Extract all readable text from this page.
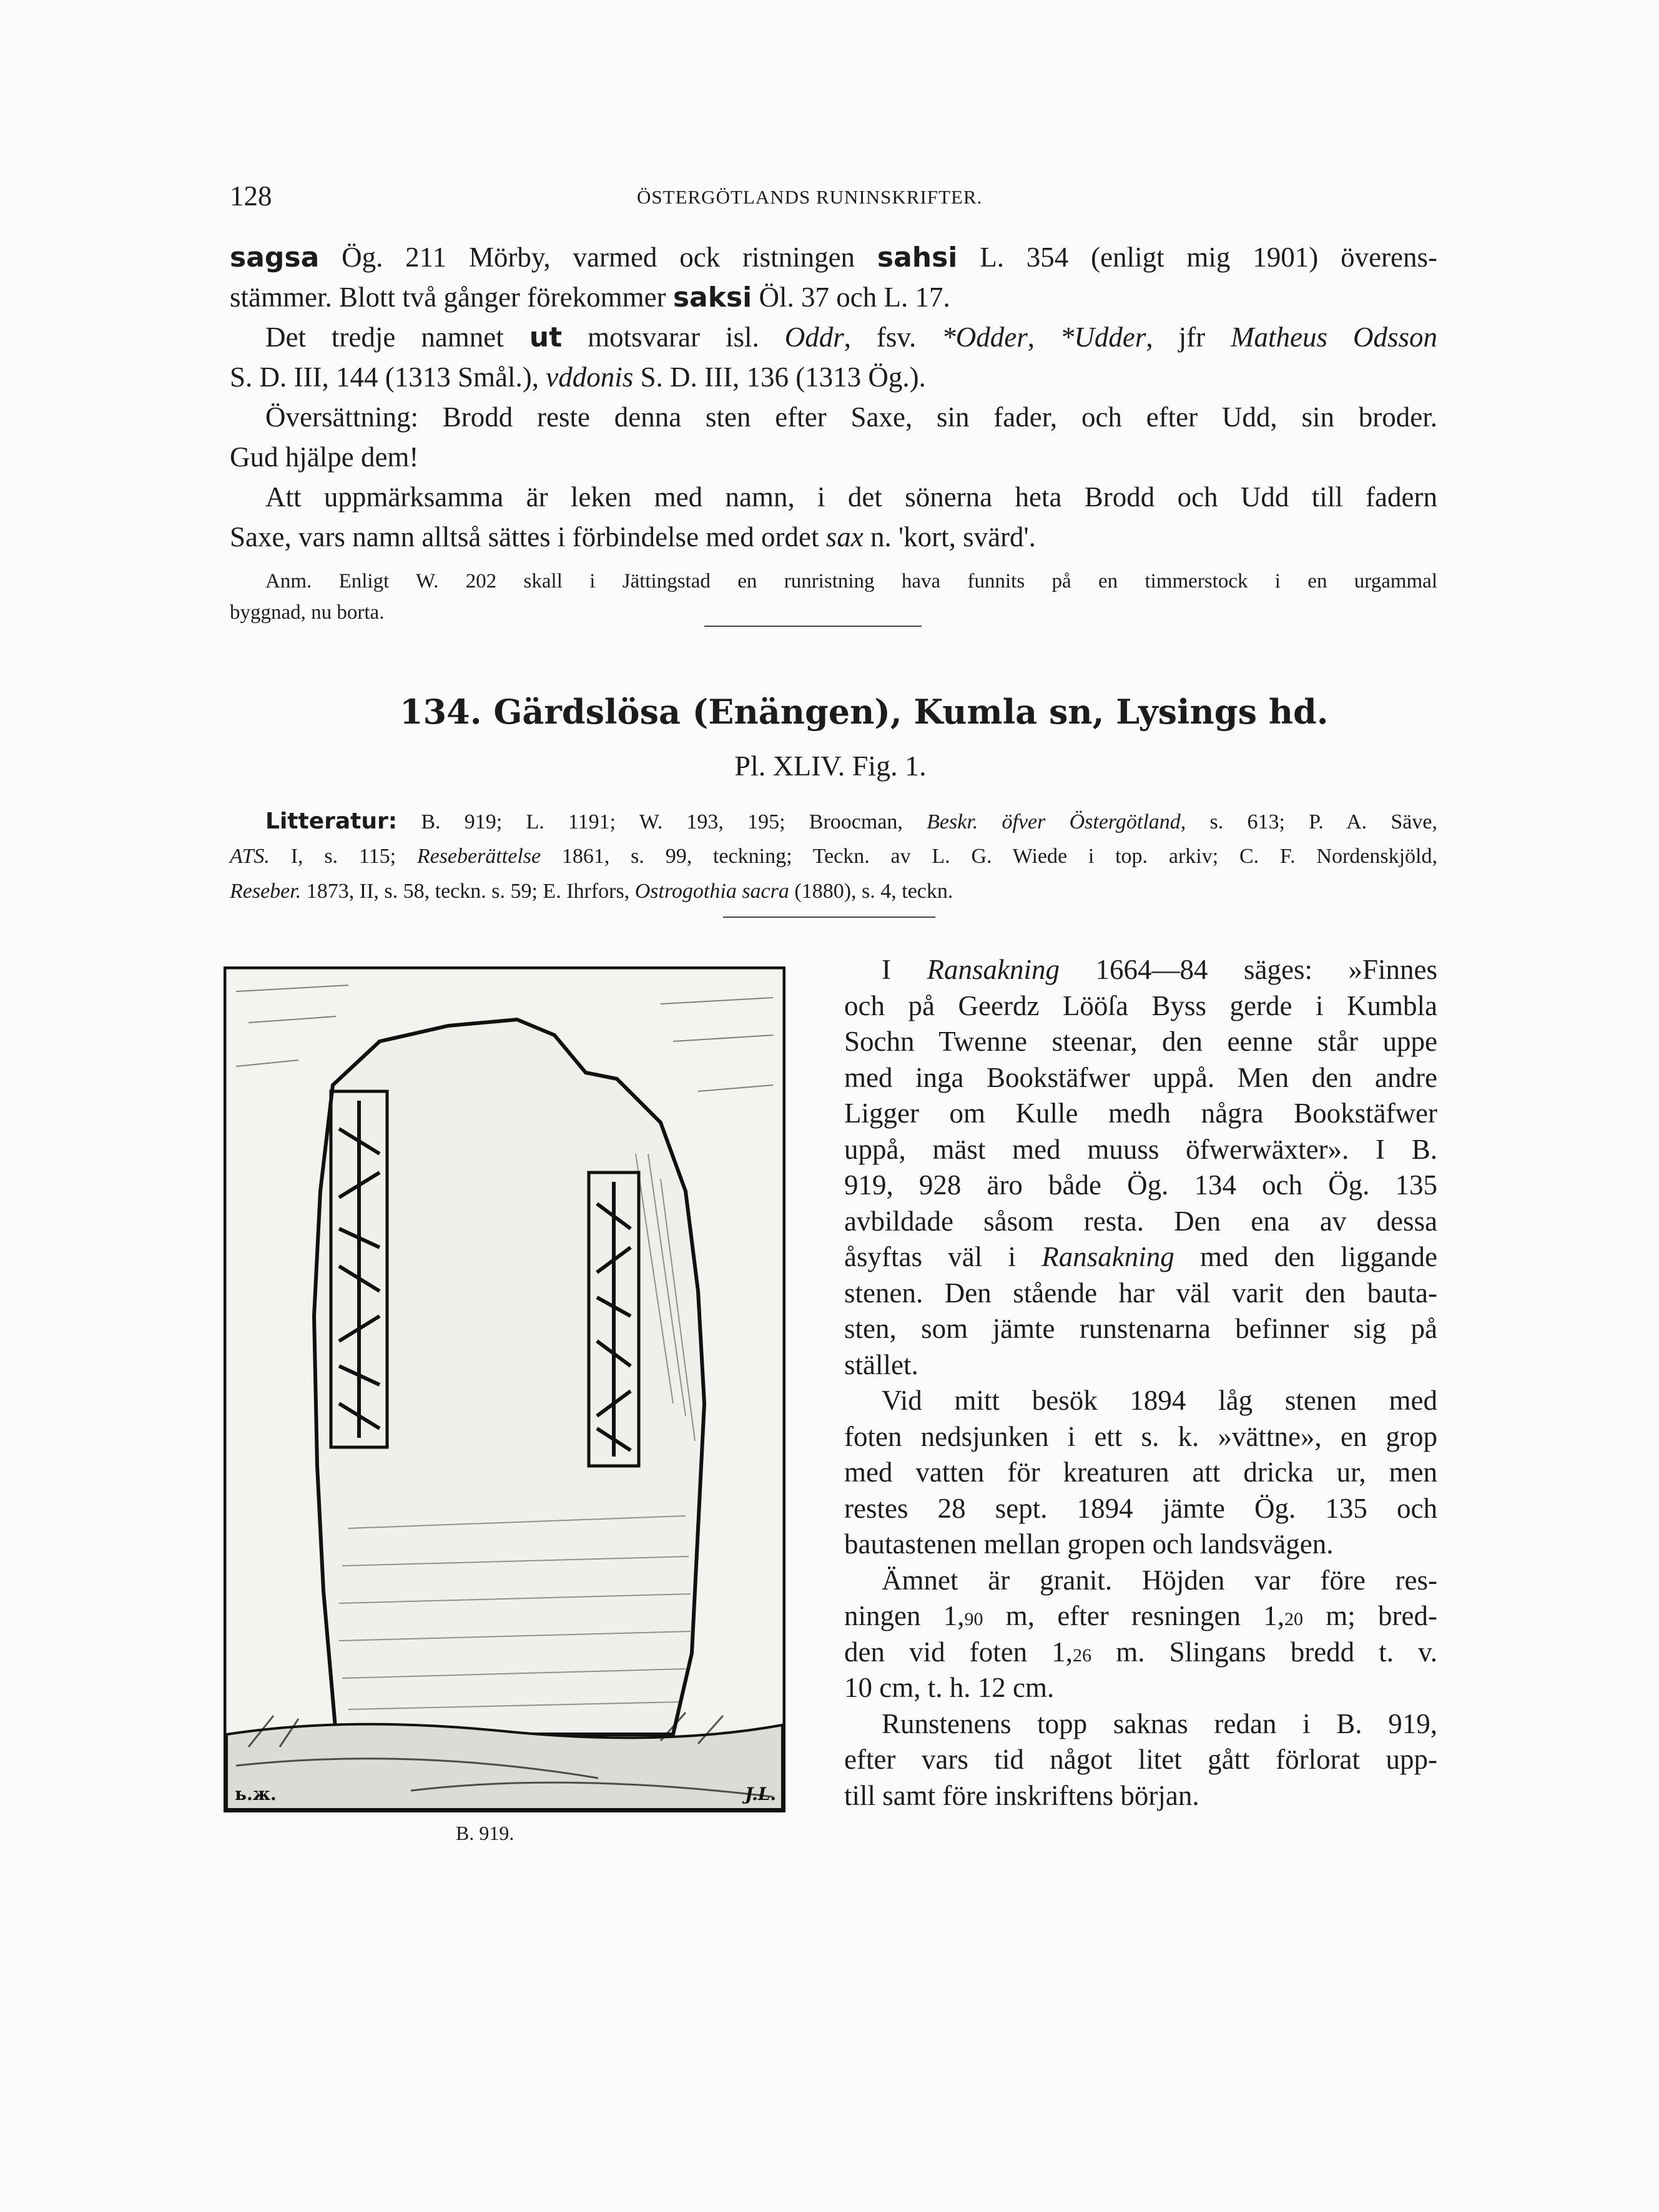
128	ÖSTERGÖTLANDS RUNINSKRIFTER.
sagsa Ög. 211 Mörby, varmed ock ristningen sahsi L. 354 (enligt mig 1901) överens-
stämmer. Blott två gånger förekommer saksi Öl. 37 och L. 17.
Det tredje namnet ut motsvarar isl. Oddr, fsv. *Odder, *Udder, jfr Matheus Odsson
S. D. III, 144 (1313 Smål.), vddonis S. D. III, 136 (1313 Ög.).
Översättning: Brodd reste denna sten efter Saxe, sin fader, och efter Udd, sin broder.
Gud hjälpe dem!
Att uppmärksamma är leken med namn, i det sönerna heta Brodd och Udd till fadern
Saxe, vars namn alltså sättes i förbindelse med ordet sax n. 'kort, svärd'.
Anm. Enligt W. 202 skall i Jättingstad en runristning hava funnits på en timmerstock i en urgammal
byggnad, nu borta.
134. Gärdslösa (Enängen), Kumla sn, Lysings hd.
Pl. XLIV. Fig. 1.
Litteratur: B. 919; L. 1191; W. 193, 195; Broocman, Beskr. öfver Östergötland, s. 613; P. A. Säve,
ATS. I, s. 115; Reseberättelse 1861, s. 99, teckning; Teckn. av L. G. Wiede i top. arkiv; C. F. Nordenskjöld,
Reseber. 1873, II, s. 58, teckn. s. 59; E. Ihrfors, Ostrogothia sacra (1880), s. 4, teckn.
ь.ж.	J.L.
B. 919.
I Ransakning 1664—84 säges: »Finnes
och på Geerdz Lööſa Byss gerde i Kumbla
Sochn Twenne steenar, den eenne står uppe
med inga Bookstäfwer uppå. Men den andre
Ligger om Kulle medh några Bookstäfwer
uppå, mäst med muuss öfwerwäxter». I B.
919, 928 äro både Ög. 134 och Ög. 135
avbildade såsom resta. Den ena av dessa
åsyftas väl i Ransakning med den liggande
stenen. Den stående har väl varit den bauta-
sten, som jämte runstenarna befinner sig på
stället.
Vid mitt besök 1894 låg stenen med
foten nedsjunken i ett s. k. »vättne», en grop
med vatten för kreaturen att dricka ur, men
restes 28 sept. 1894 jämte Ög. 135 och
bautastenen mellan gropen och landsvägen.
Ämnet är granit. Höjden var före res-
ningen 1,90 m, efter resningen 1,20 m; bred-
den vid foten 1,26 m. Slingans bredd t. v.
10 cm, t. h. 12 cm.
Runstenens topp saknas redan i B. 919,
efter vars tid något litet gått förlorat upp-
till samt före inskriftens början.
